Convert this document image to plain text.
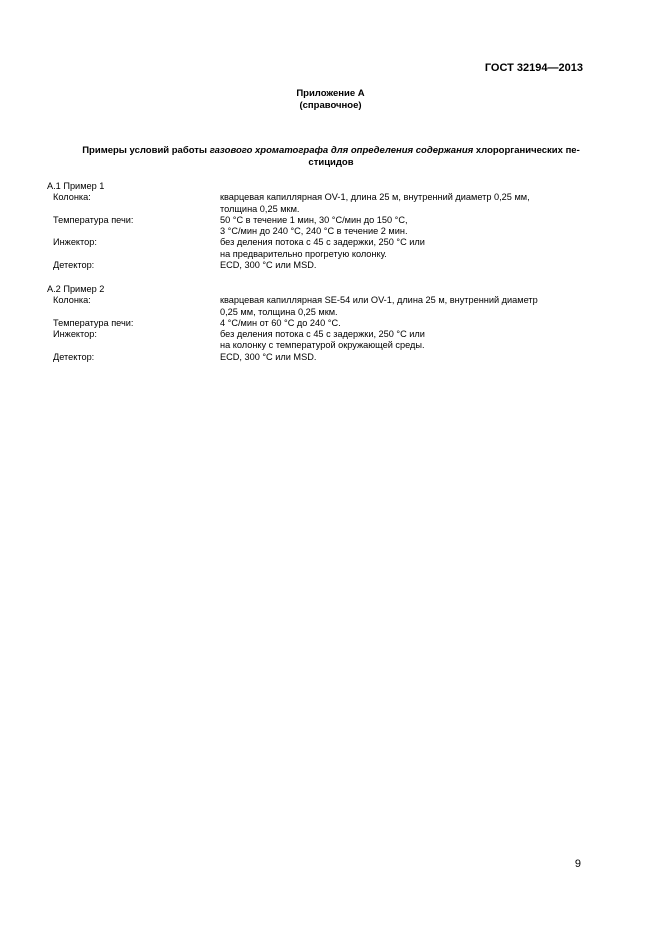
ГОСТ 32194—2013
Приложение А
(справочное)
Примеры условий работы газового хроматографа для определения содержания хлорорганических пе-
стицидов
А.1 Пример 1
Колонка:	кварцевая капиллярная OV-1, длина 25 м, внутренний диаметр 0,25 мм,
толщина 0,25 мкм.
Температура печи:	50 °С в течение 1 мин, 30 °С/мин до 150 °С,
3 °С/мин до 240 °С, 240 °С в течение 2 мин.
Инжектор:	без деления потока с 45 с задержки, 250 °С или
на предварительно прогретую колонку.
Детектор:	ECD, 300 °С или MSD.
А.2 Пример 2
Колонка:	кварцевая капиллярная SE-54 или OV-1, длина 25 м, внутренний диаметр
0,25 мм, толщина 0,25 мкм.
Температура печи:	4 °С/мин от 60 °С до 240 °С.
Инжектор:	без деления потока с 45 с задержки, 250 °С или
на колонку с температурой окружающей среды.
Детектор:	ECD, 300 °С или MSD.
9
